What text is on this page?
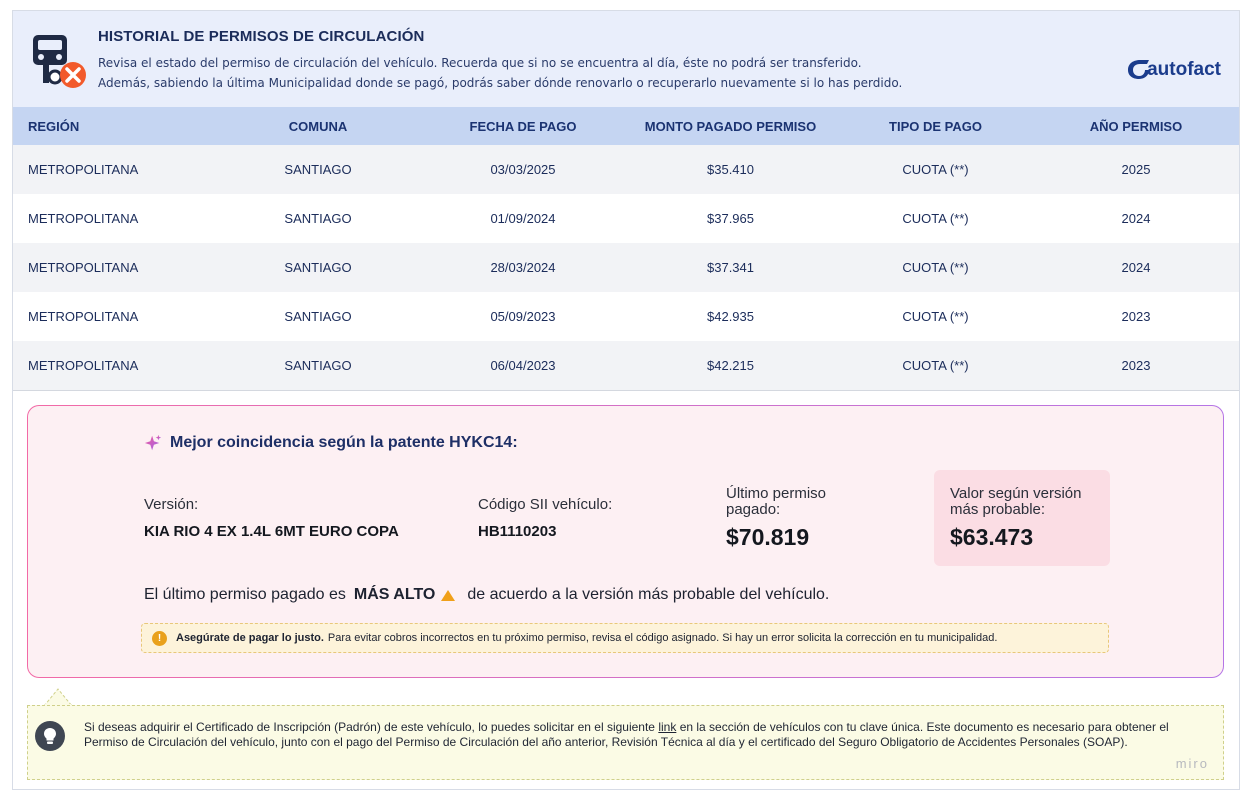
HISTORIAL DE PERMISOS DE CIRCULACIÓN
Revisa el estado del permiso de circulación del vehículo. Recuerda que si no se encuentra al día, éste no podrá ser transferido.
Además, sabiendo la última Municipalidad donde se pagó, podrás saber dónde renovarlo o recuperarlo nuevamente si lo has perdido.
autofact
REGIÓN	COMUNA	FECHA DE PAGO	MONTO PAGADO PERMISO	TIPO DE PAGO	AÑO PERMISO
METROPOLITANA	SANTIAGO	03/03/2025	$35.410	CUOTA (**)	2025
METROPOLITANA	SANTIAGO	01/09/2024	$37.965	CUOTA (**)	2024
METROPOLITANA	SANTIAGO	28/03/2024	$37.341	CUOTA (**)	2024
METROPOLITANA	SANTIAGO	05/09/2023	$42.935	CUOTA (**)	2023
METROPOLITANA	SANTIAGO	06/04/2023	$42.215	CUOTA (**)	2023
Mejor coincidencia según la patente HYKC14:
Versión:
KIA RIO 4 EX 1.4L 6MT EURO COPA
Código SII vehículo:
HB1110203
Último permiso pagado:
$70.819
Valor según versión más probable:
$63.473
El último permiso pagado es MÁS ALTO de acuerdo a la versión más probable del vehículo.
!	Asegúrate de pagar lo justo. Para evitar cobros incorrectos en tu próximo permiso, revisa el código asignado. Si hay un error solicita la corrección en tu municipalidad.
Si deseas adquirir el Certificado de Inscripción (Padrón) de este vehículo, lo puedes solicitar en el siguiente link en la sección de vehículos con tu clave única. Este documento es necesario para obtener el Permiso de Circulación del vehículo, junto con el pago del Permiso de Circulación del año anterior, Revisión Técnica al día y el certificado del Seguro Obligatorio de Accidentes Personales (SOAP).
miro
